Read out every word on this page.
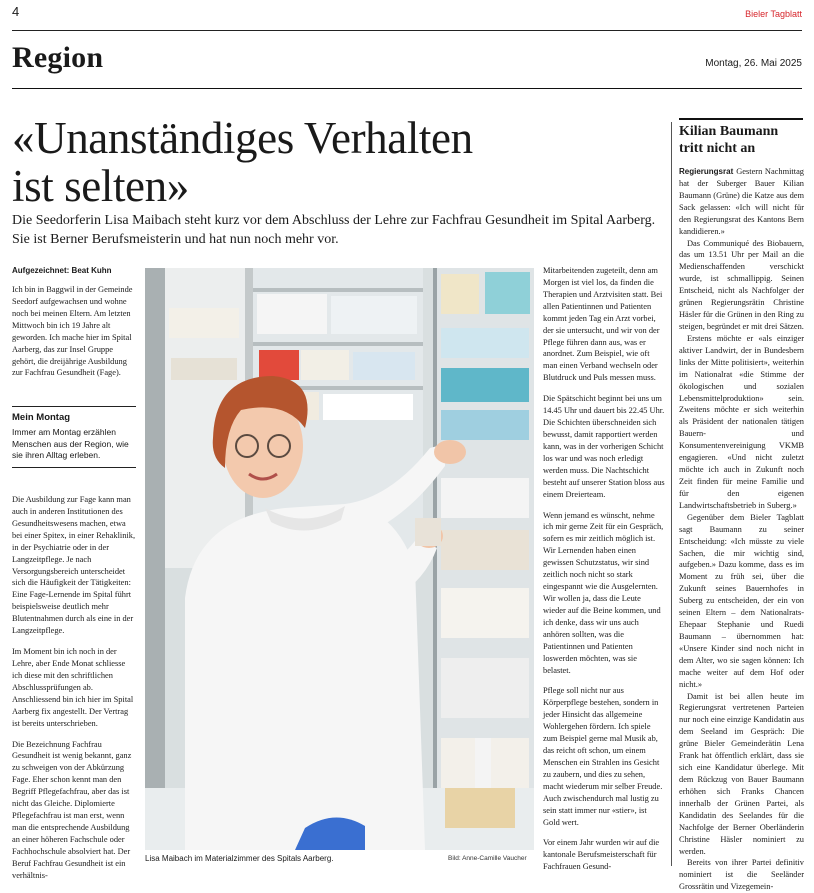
4	Bieler Tagblatt
Region	Montag, 26. Mai 2025
«Unanständiges Verhalten
ist selten»

Die Seedorferin Lisa Maibach steht kurz vor dem Abschluss der Lehre zur Fachfrau Gesundheit im Spital Aarberg. Sie ist Berner Berufsmeisterin und hat nun noch mehr vor.

Aufgezeichnet: Beat Kuhn

Ich bin in Baggwil in der Gemeinde Seedorf aufgewachsen und wohne noch bei meinen Eltern. Am letzten Mittwoch bin ich 19 Jahre alt geworden. Ich mache hier im Spital Aarberg, das zur Insel Gruppe gehört, die dreijährige Ausbildung zur Fachfrau Gesundheit (Fage).

Mein Montag
Immer am Montag erzählen Menschen aus der Region, wie sie ihren Alltag erleben.

Die Ausbildung zur Fage kann man auch in anderen Institutionen des Gesundheitswesens machen, etwa bei einer Spitex, in einer Rehaklinik, in der Psychiatrie oder in der Langzeitpflege. Je nach Versorgungsbereich unterscheidet sich die Häufigkeit der Tätigkeiten: Eine Fage-Lernende im Spital führt beispielsweise deutlich mehr Blutentnahmen durch als eine in der Langzeitpflege.

Im Moment bin ich noch in der Lehre, aber Ende Monat schliesse ich diese mit den schriftlichen Abschlussprüfungen ab. Anschliessend bin ich hier im Spital Aarberg fix angestellt. Der Vertrag ist bereits unterschrieben.

Die Bezeichnung Fachfrau Gesundheit ist wenig bekannt, ganz zu schweigen von der Abkürzung Fage. Eher schon kennt man den Begriff Pflegefachfrau, aber das ist nicht das Gleiche. Diplomierte Pflegefachfrau ist man erst, wenn man die entsprechende Ausbildung an einer höheren Fachschule oder Fachhochschule absolviert hat. Der Beruf Fachfrau Gesundheit ist ein verhältnis-

Lisa Maibach im Materialzimmer des Spitals Aarberg.	Bild: Anne-Camille Vaucher

Mitarbeitenden zugeteilt, denn am Morgen ist viel los, da finden die Therapien und Arztvisiten statt. Bei allen Patientinnen und Patienten kommt jeden Tag ein Arzt vorbei, der sie untersucht, und wir von der Pflege führen dann aus, was er anordnet. Zum Beispiel, wie oft man einen Verband wechseln oder Blutdruck und Puls messen muss.

Die Spätschicht beginnt bei uns um 14.45 Uhr und dauert bis 22.45 Uhr. Die Schichten überschneiden sich bewusst, damit rapportiert werden kann, was in der vorherigen Schicht los war und was noch erledigt werden muss. Die Nachtschicht besteht auf unserer Station bloss aus einem Dreierteam.

Wenn jemand es wünscht, nehme ich mir gerne Zeit für ein Gespräch, sofern es mir zeitlich möglich ist. Wir Lernenden haben einen gewissen Schutzstatus, wir sind zeitlich noch nicht so stark eingespannt wie die Ausgelernten. Wir wollen ja, dass die Leute wieder auf die Beine kommen, und ich denke, dass wir uns auch anhören sollten, was die Patientinnen und Patienten loswerden möchten, was sie belastet.

Pflege soll nicht nur aus Körperpflege bestehen, sondern in jeder Hinsicht das allgemeine Wohlergehen fördern. Ich spiele zum Beispiel gerne mal Musik ab, das reicht oft schon, um einem Menschen ein Strahlen ins Gesicht zu zaubern, und dies zu sehen, macht wiederum mir selber Freude. Auch zwischendurch mal lustig zu sein statt immer nur «stier», ist Gold wert.

Vor einem Jahr wurden wir auf die kantonale Berufsmeisterschaft für Fachfrauen Gesund-

Kilian Baumann tritt nicht an

Regierungsrat Gestern Nachmittag hat der Suberger Bauer Kilian Baumann (Grüne) die Katze aus dem Sack gelassen: «Ich will nicht für den Regierungsrat des Kantons Bern kandidieren.»

Das Communiqué des Biobauern, das um 13.51 Uhr per Mail an die Medienschaffenden verschickt wurde, ist schmallippig. Seinen Entscheid, nicht als Nachfolger der grünen Regierungsrätin Christine Häsler für die Grünen in den Ring zu steigen, begründet er mit drei Sätzen.

Erstens möchte er «als einziger aktiver Landwirt, der in Bundesbern links der Mitte politisiert», weiterhin im Nationalrat «die Stimme der ökologischen und sozialen Lebensmittelproduktion» sein. Zweitens möchte er sich weiterhin als Präsident der nationalen tätigen Bauern- und Konsumentenvereinigung VKMB engagieren. «Und nicht zuletzt möchte ich auch in Zukunft noch Zeit finden für meine Familie und für den eigenen Landwirtschaftsbetrieb in Suberg.»

Gegenüber dem Bieler Tagblatt sagt Baumann zu seiner Entscheidung: «Ich müsste zu viele Sachen, die mir wichtig sind, aufgeben.» Dazu komme, dass es im Moment zu früh sei, über die Zukunft seines Bauernhofes in Suberg zu entscheiden, der ein von seinen Eltern – dem Nationalrats-Ehepaar Stephanie und Ruedi Baumann – übernommen hat: «Unsere Kinder sind noch nicht in dem Alter, wo sie sagen können: Ich mache weiter auf dem Hof oder nicht.»

Damit ist bei allen heute im Regierungsrat vertretenen Parteien nur noch eine einzige Kandidatin aus dem Seeland im Gespräch: Die grüne Bieler Gemeinderätin Lena Frank hat öffentlich erklärt, dass sie sich eine Kandidatur überlege. Mit dem Rückzug von Bauer Baumann erhöhen sich Franks Chancen innerhalb der Grünen Partei, als Kandidatin des Seelandes für die Nachfolge der Berner Oberländerin Christine Häsler nominiert zu werden.

Bereits von ihrer Partei definitiv nominiert ist die Seeländer Grossrätin und Vizegemein-
